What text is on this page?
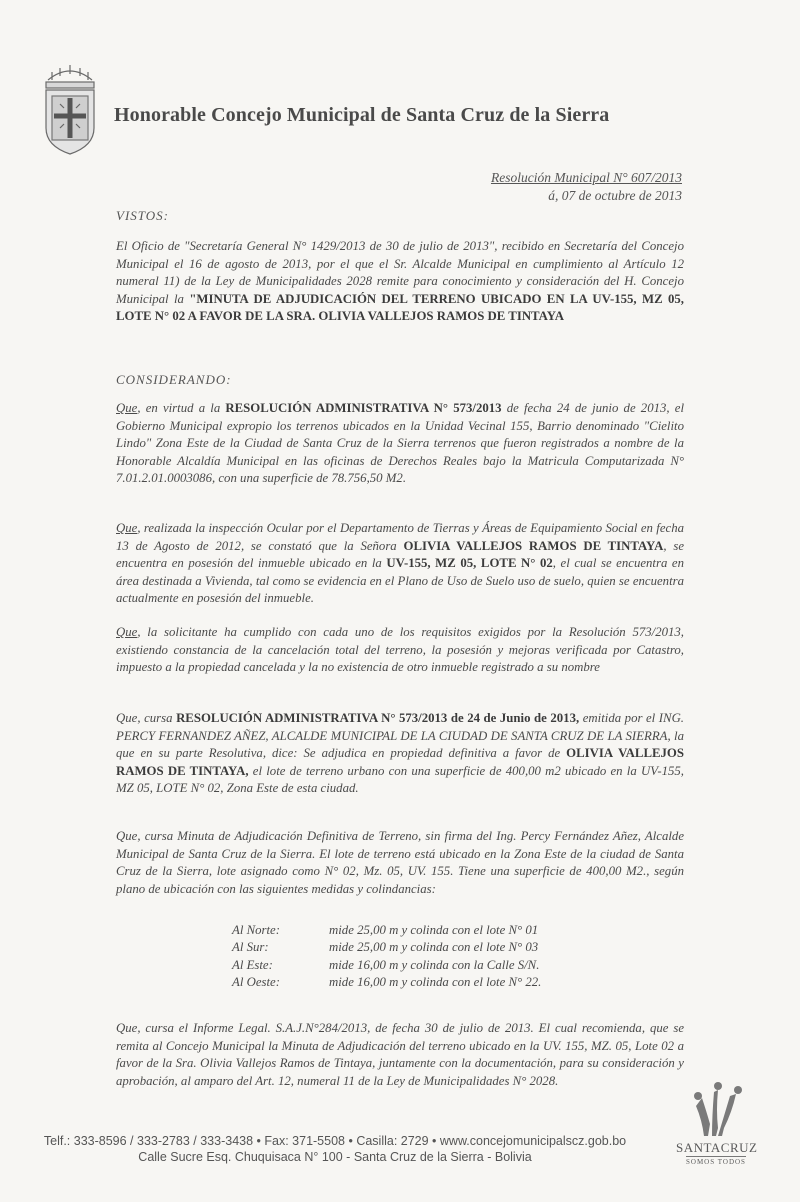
Honorable Concejo Municipal de Santa Cruz de la Sierra
Resolución Municipal N° 607/2013
á, 07 de octubre de 2013
VISTOS:
El Oficio de "Secretaría General N° 1429/2013 de 30 de julio de 2013", recibido en Secretaría del Concejo Municipal el 16 de agosto de 2013, por el que el Sr. Alcalde Municipal en cumplimiento al Artículo 12 numeral 11) de la Ley de Municipalidades 2028 remite para conocimiento y consideración del H. Concejo Municipal la "MINUTA DE ADJUDICACIÓN DEL TERRENO UBICADO EN LA UV-155, MZ 05, LOTE N° 02 A FAVOR DE LA SRA. OLIVIA VALLEJOS RAMOS DE TINTAYA
CONSIDERANDO:
Que, en virtud a la RESOLUCIÓN ADMINISTRATIVA N° 573/2013 de fecha 24 de junio de 2013, el Gobierno Municipal expropio los terrenos ubicados en la Unidad Vecinal 155, Barrio denominado "Cielito Lindo" Zona Este de la Ciudad de Santa Cruz de la Sierra terrenos que fueron registrados a nombre de la Honorable Alcaldía Municipal en las oficinas de Derechos Reales bajo la Matricula Computarizada N° 7.01.2.01.0003086, con una superficie de 78.756,50 M2.
Que, realizada la inspección Ocular por el Departamento de Tierras y Áreas de Equipamiento Social en fecha 13 de Agosto de 2012, se constató que la Señora OLIVIA VALLEJOS RAMOS DE TINTAYA, se encuentra en posesión del inmueble ubicado en la UV-155, MZ 05, LOTE N° 02, el cual se encuentra en área destinada a Vivienda, tal como se evidencia en el Plano de Uso de Suelo uso de suelo, quien se encuentra actualmente en posesión del inmueble.
Que, la solicitante ha cumplido con cada uno de los requisitos exigidos por la Resolución 573/2013, existiendo constancia de la cancelación total del terreno, la posesión y mejoras verificada por Catastro, impuesto a la propiedad cancelada y la no existencia de otro inmueble registrado a su nombre
Que, cursa RESOLUCIÓN ADMINISTRATIVA N° 573/2013 de 24 de Junio de 2013, emitida por el ING. PERCY FERNANDEZ AÑEZ, ALCALDE MUNICIPAL DE LA CIUDAD DE SANTA CRUZ DE LA SIERRA, la que en su parte Resolutiva, dice: Se adjudica en propiedad definitiva a favor de OLIVIA VALLEJOS RAMOS DE TINTAYA, el lote de terreno urbano con una superficie de 400,00 m2 ubicado en la UV-155, MZ 05, LOTE N° 02, Zona Este de esta ciudad.
Que, cursa Minuta de Adjudicación Definitiva de Terreno, sin firma del Ing. Percy Fernández Añez, Alcalde Municipal de Santa Cruz de la Sierra. El lote de terreno está ubicado en la Zona Este de la ciudad de Santa Cruz de la Sierra, lote asignado como N° 02, Mz. 05, UV. 155. Tiene una superficie de 400,00 M2., según plano de ubicación con las siguientes medidas y colindancias:
Al Norte:	mide 25,00 m y colinda con el lote N° 01
Al Sur:	mide 25,00 m y colinda con el lote N° 03
Al Este:	mide 16,00 m y colinda con la Calle S/N.
Al Oeste:	mide 16,00 m y colinda con el lote N° 22.
Que, cursa el Informe Legal. S.A.J.N°284/2013, de fecha 30 de julio de 2013. El cual recomienda, que se remita al Concejo Municipal la Minuta de Adjudicación del terreno ubicado en la UV. 155, MZ. 05, Lote 02 a favor de la Sra. Olivia Vallejos Ramos de Tintaya, juntamente con la documentación, para su consideración y aprobación, al amparo del Art. 12, numeral 11 de la Ley de Municipalidades N° 2028.
Telf.: 333-8596 / 333-2783 / 333-3438 • Fax: 371-5508 • Casilla: 2729 • www.concejomunicipalscz.gob.bo
Calle Sucre Esq. Chuquisaca N° 100 - Santa Cruz de la Sierra - Bolivia
SANTACRUZ
SOMOS TODOS
